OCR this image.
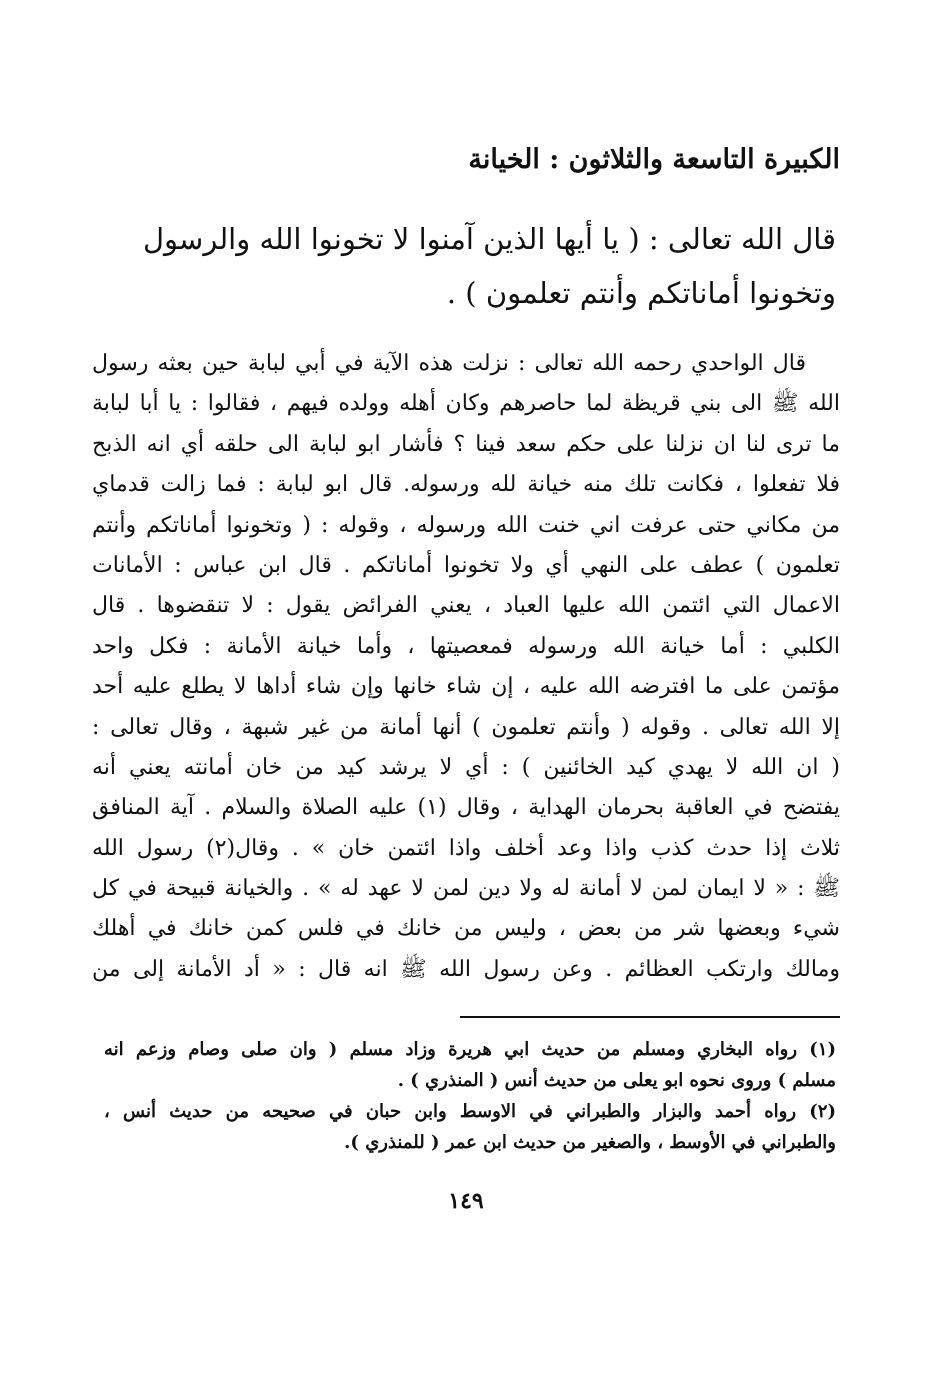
الكبيرة التاسعة والثلاثون : الخيانة
قال الله تعالى : ( يا أيها الذين آمنوا لا تخونوا الله والرسول
وتخونوا أماناتكم وأنتم تعلمون ) .
قال الواحدي رحمه الله تعالى : نزلت هذه الآية في أبي لبابة حين بعثه رسول
الله ﷺ الى بني قريظة لما حاصرهم وكان أهله وولده فيهم ، فقالوا : يا أبا لبابة
ما ترى لنا ان نزلنا على حكم سعد فينا ؟ فأشار ابو لبابة الى حلقه أي انه الذبح
فلا تفعلوا ، فكانت تلك منه خيانة لله ورسوله. قال ابو لبابة : فما زالت قدماي
من مكاني حتى عرفت اني خنت الله ورسوله ، وقوله : ( وتخونوا أماناتكم وأنتم
تعلمون ) عطف على النهي أي ولا تخونوا أماناتكم . قال ابن عباس : الأمانات
الاعمال التي ائتمن الله عليها العباد ، يعني الفرائض يقول : لا تنقضوها . قال
الكلبي : أما خيانة الله ورسوله فمعصيتها ، وأما خيانة الأمانة : فكل واحد
مؤتمن على ما افترضه الله عليه ، إن شاء خانها وإن شاء أداها لا يطلع عليه أحد
إلا الله تعالى . وقوله ( وأنتم تعلمون ) أنها أمانة من غير شبهة ، وقال تعالى :
( ان الله لا يهدي كيد الخائنين ) : أي لا يرشد كيد من خان أمانته يعني أنه
يفتضح في العاقبة بحرمان الهداية ، وقال (١) عليه الصلاة والسلام . آية المنافق
ثلاث إذا حدث كذب واذا وعد أخلف واذا ائتمن خان » . وقال(٢) رسول الله
ﷺ : « لا ايمان لمن لا أمانة له ولا دين لمن لا عهد له » . والخيانة قبيحة في كل
شيء وبعضها شر من بعض ، وليس من خانك في فلس كمن خانك في أهلك
ومالك وارتكب العظائم . وعن رسول الله ﷺ انه قال : « أد الأمانة إلى من
(١) رواه البخاري ومسلم من حديث ابي هريرة وزاد مسلم ( وان صلى وصام وزعم انه
مسلم ) وروى نحوه ابو يعلى من حديث أنس ( المنذري ) .
(٢) رواه أحمد والبزار والطبراني في الاوسط وابن حبان في صحيحه من حديث أنس ،
والطبراني في الأوسط ، والصغير من حديث ابن عمر ( للمنذري ).
١٤٩
